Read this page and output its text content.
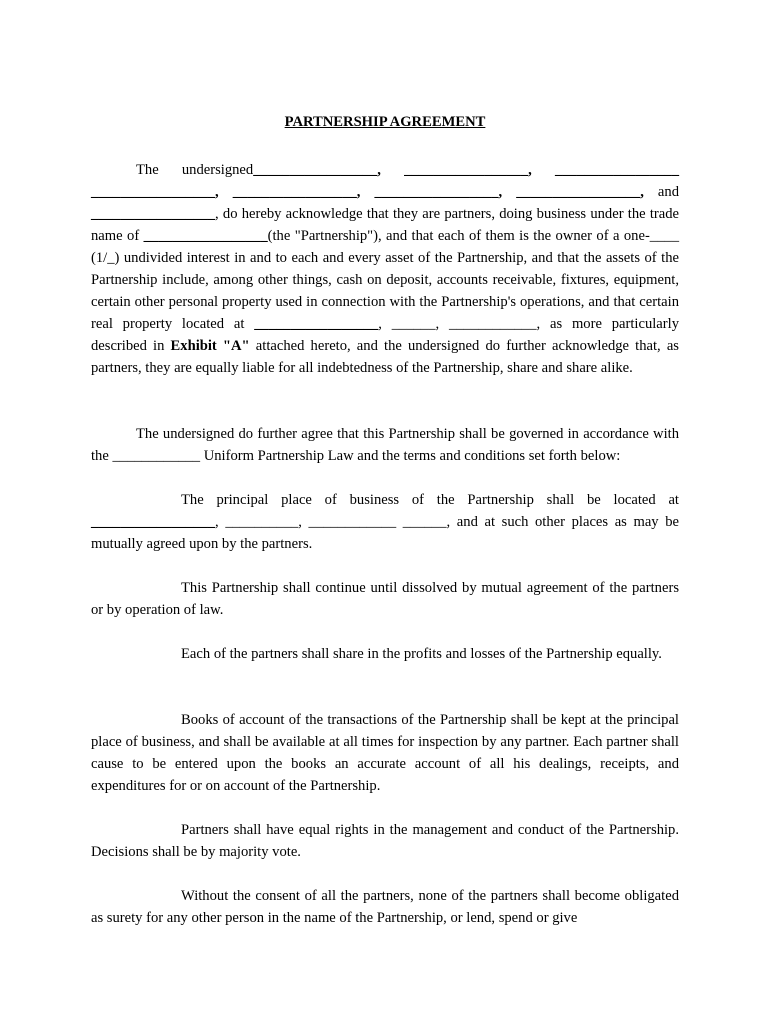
PARTNERSHIP AGREEMENT

The undersigned_________________, _________________, _________________ _________________, _________________, _________________, _________________, and _________________, do hereby acknowledge that they are partners, doing business under the trade name of _________________(the "Partnership"), and that each of them is the owner of a one-____ (1/_) undivided interest in and to each and every asset of the Partnership, and that the assets of the Partnership include, among other things, cash on deposit, accounts receivable, fixtures, equipment, certain other personal property used in connection with the Partnership's operations, and that certain real property located at _________________, ______, ____________, as more particularly described in Exhibit "A" attached hereto, and the undersigned do further acknowledge that, as partners, they are equally liable for all indebtedness of the Partnership, share and share alike.

The undersigned do further agree that this Partnership shall be governed in accordance with the ____________ Uniform Partnership Law and the terms and conditions set forth below:

The principal place of business of the Partnership shall be located at _________________, __________, ____________ ______, and at such other places as may be mutually agreed upon by the partners.

This Partnership shall continue until dissolved by mutual agreement of the partners or by operation of law.

Each of the partners shall share in the profits and losses of the Partnership equally.

Books of account of the transactions of the Partnership shall be kept at the principal place of business, and shall be available at all times for inspection by any partner. Each partner shall cause to be entered upon the books an accurate account of all his dealings, receipts, and expenditures for or on account of the Partnership.

Partners shall have equal rights in the management and conduct of the Partnership. Decisions shall be by majority vote.

Without the consent of all the partners, none of the partners shall become obligated as surety for any other person in the name of the Partnership, or lend, spend or give
